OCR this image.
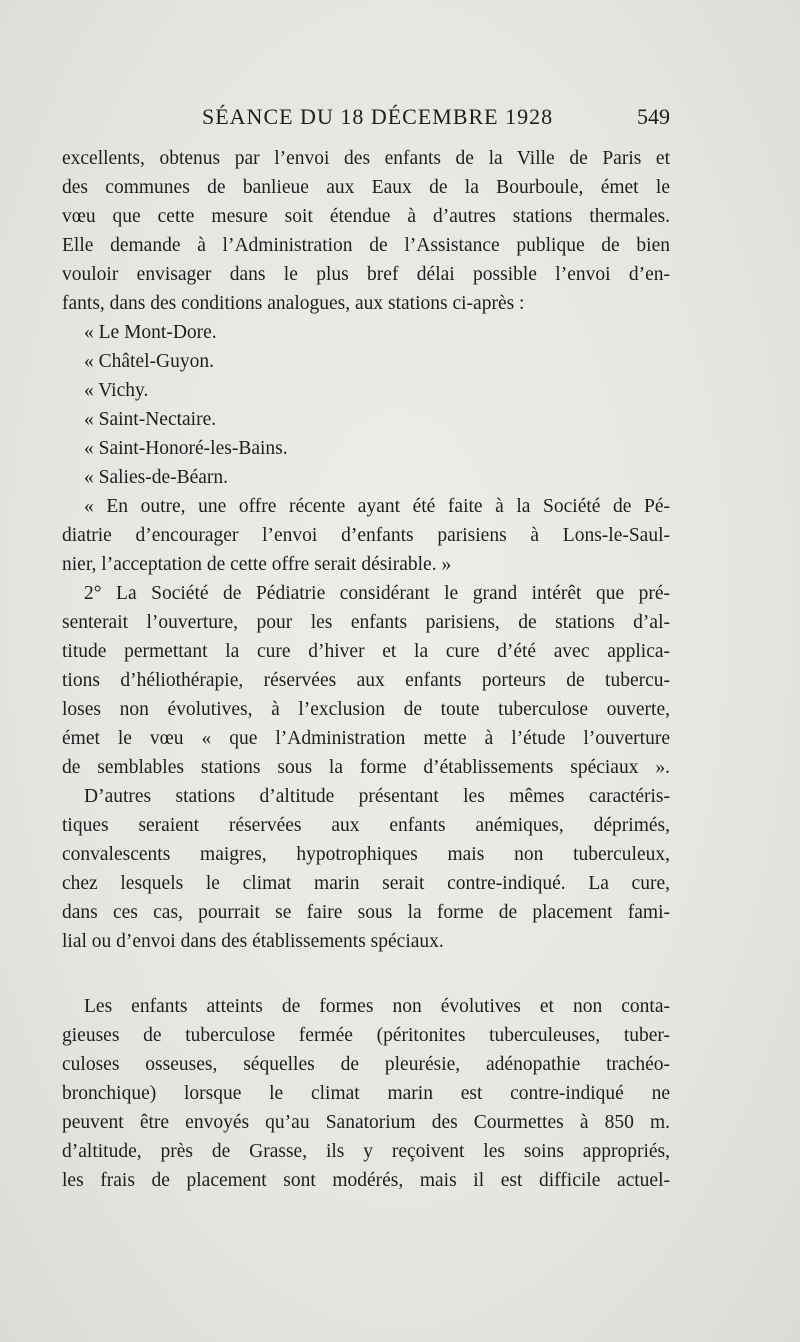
SÉANCE DU 18 DÉCEMBRE 1928	549
excellents, obtenus par l’envoi des enfants de la Ville de Paris et
des communes de banlieue aux Eaux de la Bourboule, émet le
vœu que cette mesure soit étendue à d’autres stations thermales.
Elle demande à l’Administration de l’Assistance publique de bien
vouloir envisager dans le plus bref délai possible l’envoi d’en-
fants, dans des conditions analogues, aux stations ci-après :
« Le Mont-Dore.
« Châtel-Guyon.
« Vichy.
« Saint-Nectaire.
« Saint-Honoré-les-Bains.
« Salies-de-Béarn.
« En outre, une offre récente ayant été faite à la Société de Pé-
diatrie d’encourager l’envoi d’enfants parisiens à Lons-le-Saul-
nier, l’acceptation de cette offre serait désirable. »
2° La Société de Pédiatrie considérant le grand intérêt que pré-
senterait l’ouverture, pour les enfants parisiens, de stations d’al-
titude permettant la cure d’hiver et la cure d’été avec applica-
tions d’héliothérapie, réservées aux enfants porteurs de tubercu-
loses non évolutives, à l’exclusion de toute tuberculose ouverte,
émet le vœu « que l’Administration mette à l’étude l’ouverture
de semblables stations sous la forme d’établissements spéciaux ».
D’autres stations d’altitude présentant les mêmes caractéris-
tiques seraient réservées aux enfants anémiques, déprimés,
convalescents maigres, hypotrophiques mais non tuberculeux,
chez lesquels le climat marin serait contre-indiqué. La cure,
dans ces cas, pourrait se faire sous la forme de placement fami-
lial ou d’envoi dans des établissements spéciaux.
Les enfants atteints de formes non évolutives et non conta-
gieuses de tuberculose fermée (péritonites tuberculeuses, tuber-
culoses osseuses, séquelles de pleurésie, adénopathie trachéo-
bronchique) lorsque le climat marin est contre-indiqué ne
peuvent être envoyés qu’au Sanatorium des Courmettes à 850 m.
d’altitude, près de Grasse, ils y reçoivent les soins appropriés,
les frais de placement sont modérés, mais il est difficile actuel-
